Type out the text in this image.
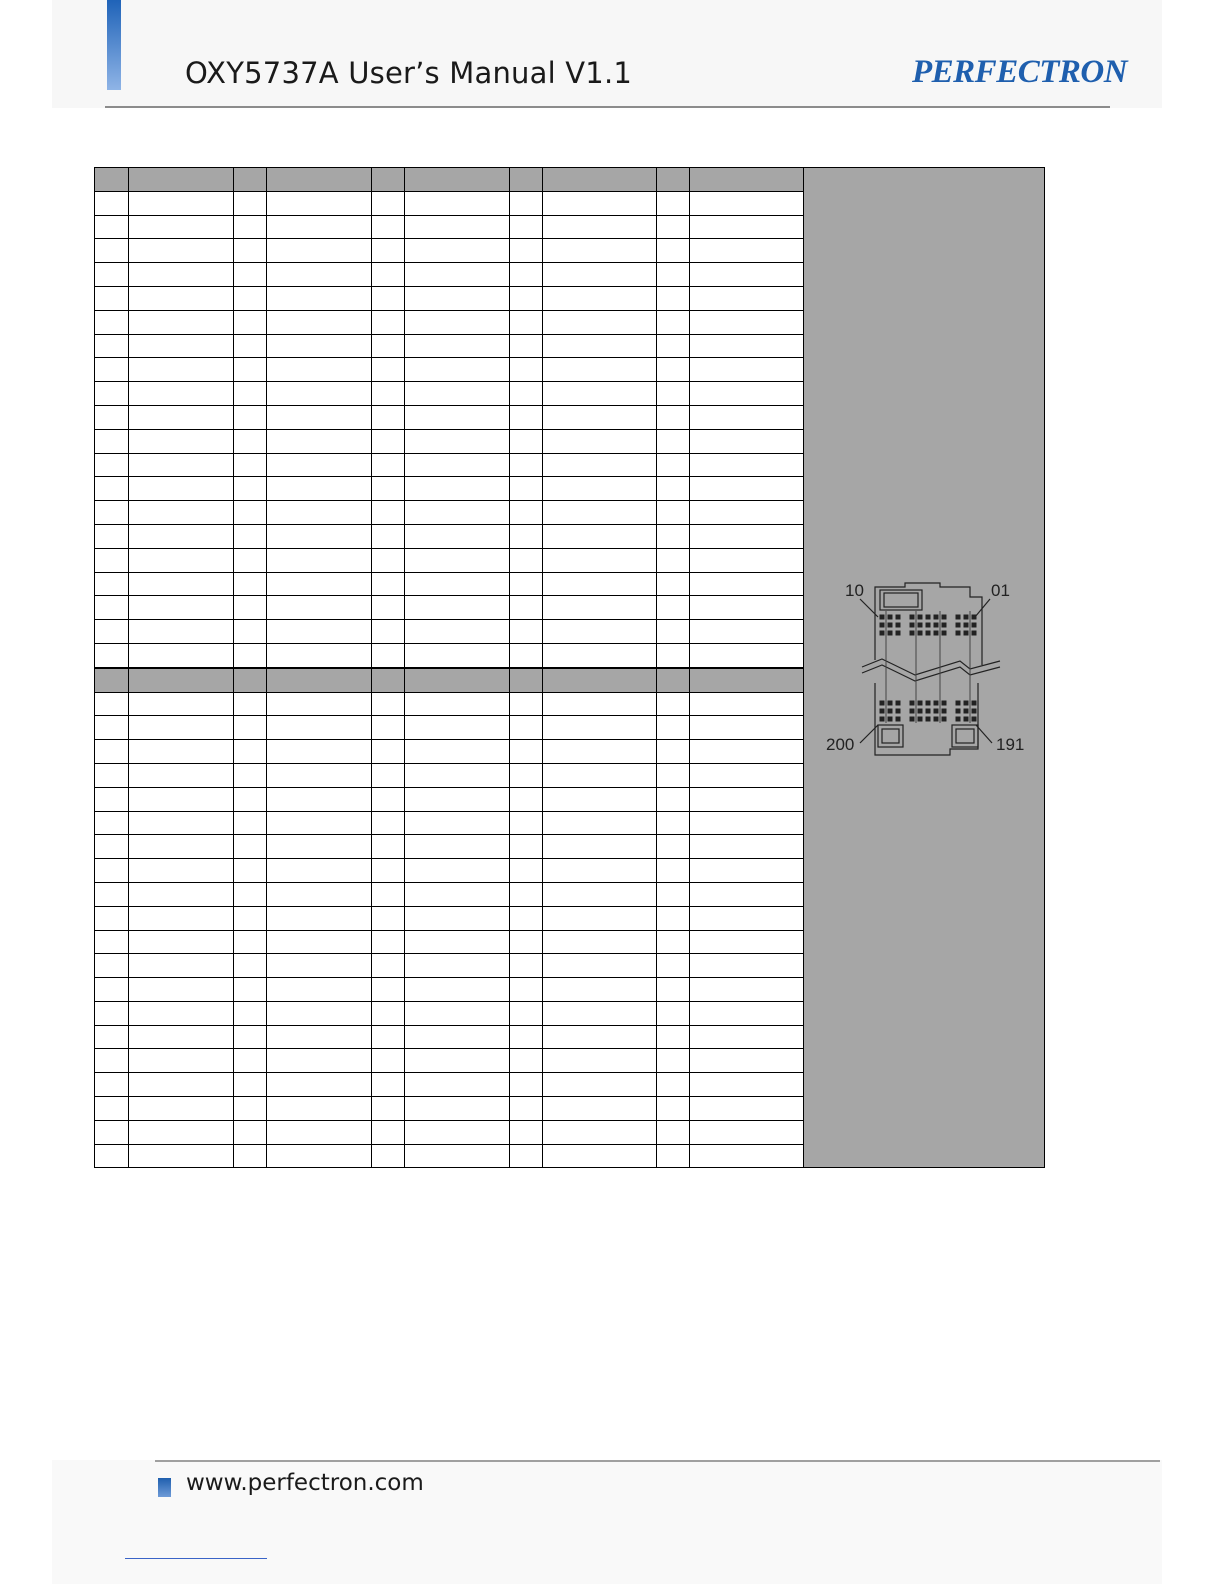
OXY5737A User’s Manual V1.1	PERFECTRON

10	01
200	191
www.perfectron.com
